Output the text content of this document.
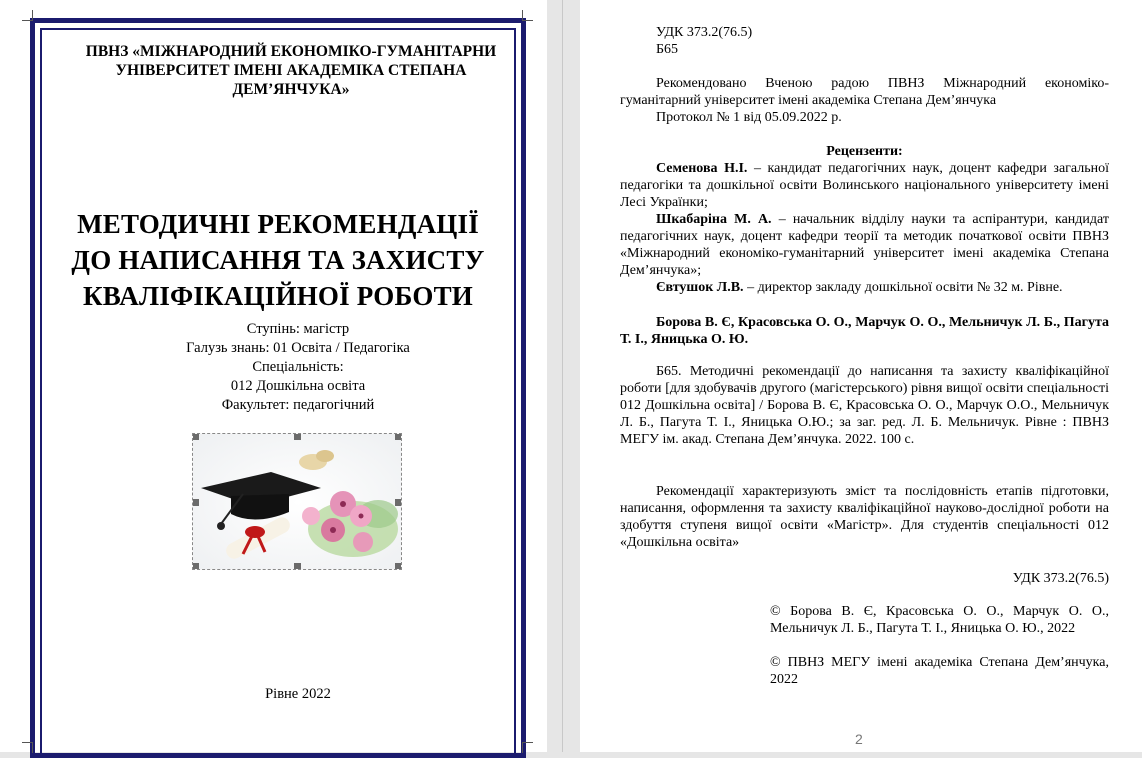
ПВНЗ «МІЖНАРОДНИЙ ЕКОНОМІКО-ГУМАНІТАРНИ УНІВЕРСИТЕТ ІМЕНІ АКАДЕМІКА СТЕПАНА ДЕМ’ЯНЧУКА»
МЕТОДИЧНІ РЕКОМЕНДАЦІЇ
ДО НАПИСАННЯ ТА ЗАХИСТУ
КВАЛІФІКАЦІЙНОЇ РОБОТИ
Ступінь: магістр
Галузь знань: 01 Освіта / Педагогіка
Спеціальність:
012 Дошкільна освіта
Факультет: педагогічний
Рівне 2022
УДК 373.2(76.5)
Б65
Рекомендовано Вченою радою ПВНЗ Міжнародний економіко-гуманітарний університет імені академіка Степана Дем’янчука
Протокол № 1 від 05.09.2022 р.
Рецензенти:
Семенова Н.І. – кандидат педагогічних наук, доцент кафедри загальної педагогіки та дошкільної освіти Волинського національного університету імені Лесі Українки;
Шкабаріна М. А. – начальник відділу науки та аспірантури, кандидат педагогічних наук, доцент кафедри теорії та методик початкової освіти ПВНЗ «Міжнародний економіко-гуманітарний університет імені академіка Степана Дем’янчука»;
Євтушок Л.В. – директор закладу дошкільної освіти № 32 м. Рівне.
Борова В. Є, Красовська О. О., Марчук О. О., Мельничук Л. Б., Пагута Т. І., Яницька О. Ю.
Б65. Методичні рекомендації до написання та захисту кваліфікаційної роботи [для здобувачів другого (магістерського) рівня вищої освіти спеціальності 012 Дошкільна освіта] / Борова В. Є, Красовська О. О., Марчук О.О., Мельничук Л. Б., Пагута Т. І., Яницька О.Ю.; за заг. ред. Л. Б. Мельничук. Рівне : ПВНЗ МЕГУ ім. акад. Степана Дем’янчука. 2022. 100 с.
Рекомендації характеризують зміст та послідовність етапів підготовки, написання, оформлення та захисту кваліфікаційної науково-дослідної роботи на здобуття ступеня вищої освіти «Магістр». Для студентів спеціальності 012 «Дошкільна освіта»
УДК 373.2(76.5)
© Борова В. Є, Красовська О. О., Марчук О. О., Мельничук Л. Б., Пагута Т. І., Яницька О. Ю., 2022
© ПВНЗ МЕГУ імені академіка Степана Дем’янчука, 2022
2
